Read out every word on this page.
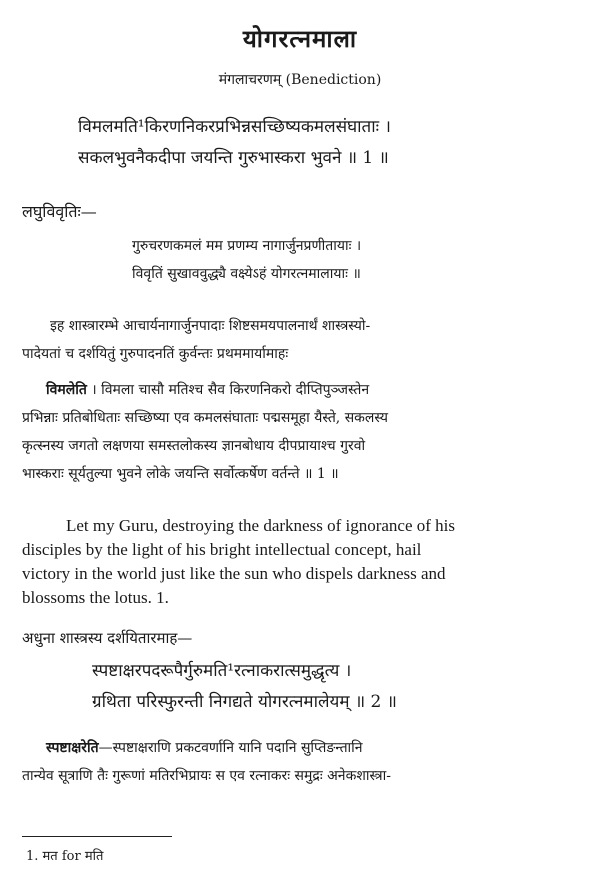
योगरत्नमाला
मंगलाचरणम् (Benediction)
विमलमति¹किरणनिकरप्रभिन्नसच्छिष्यकमलसंघाताः ।
सकलभुवनैकदीपा जयन्ति गुरुभास्करा भुवने ॥ 1 ॥
लघुविवृतिः—
गुरुचरणकमलं मम प्रणम्य नागार्जुनप्रणीतायाः ।
विवृतिं सुखाववुद्ध्यै वक्ष्येऽहं योगरत्नमालायाः ॥
इह शास्त्रारम्भे आचार्यनागार्जुनपादाः शिष्टसमयपालनार्थं शास्त्रस्यो-
पादेयतां च दर्शयितुं गुरुपादनतिं कुर्वन्तः प्रथममार्यामाहः
विमलेति । विमला चासौ मतिश्च सैव किरणनिकरो दीप्तिपुञ्जस्तेन
प्रभिन्नाः प्रतिबोधिताः सच्छिष्या एव कमलसंघाताः पद्मसमूहा यैस्ते, सकलस्य
कृत्स्नस्य जगतो लक्षणया समस्तलोकस्य ज्ञानबोधाय दीपप्रायाश्च गुरवो
भास्कराः सूर्यतुल्या भुवने लोके जयन्ति सर्वोत्कर्षेण वर्तन्ते ॥ 1 ॥
Let my Guru, destroying the darkness of ignorance of his
disciples by the light of his bright intellectual concept, hail
victory in the world just like the sun who dispels darkness and
blossoms the lotus. 1.
अधुना शास्त्रस्य दर्शयितारमाह—
स्पष्टाक्षरपदरूपैर्गुरुमति¹रत्नाकरात्समुद्धृत्य ।
ग्रथिता परिस्फुरन्ती निगद्यते योगरत्नमालेयम् ॥ 2 ॥
स्पष्टाक्षरेति—स्पष्टाक्षराणि प्रकटवर्णानि यानि पदानि सुप्तिङन्तानि
तान्येव सूत्राणि तैः गुरूणां मतिरभिप्रायः स एव रत्नाकरः समुद्रः अनेकशास्त्रा-
1. मत for मति
